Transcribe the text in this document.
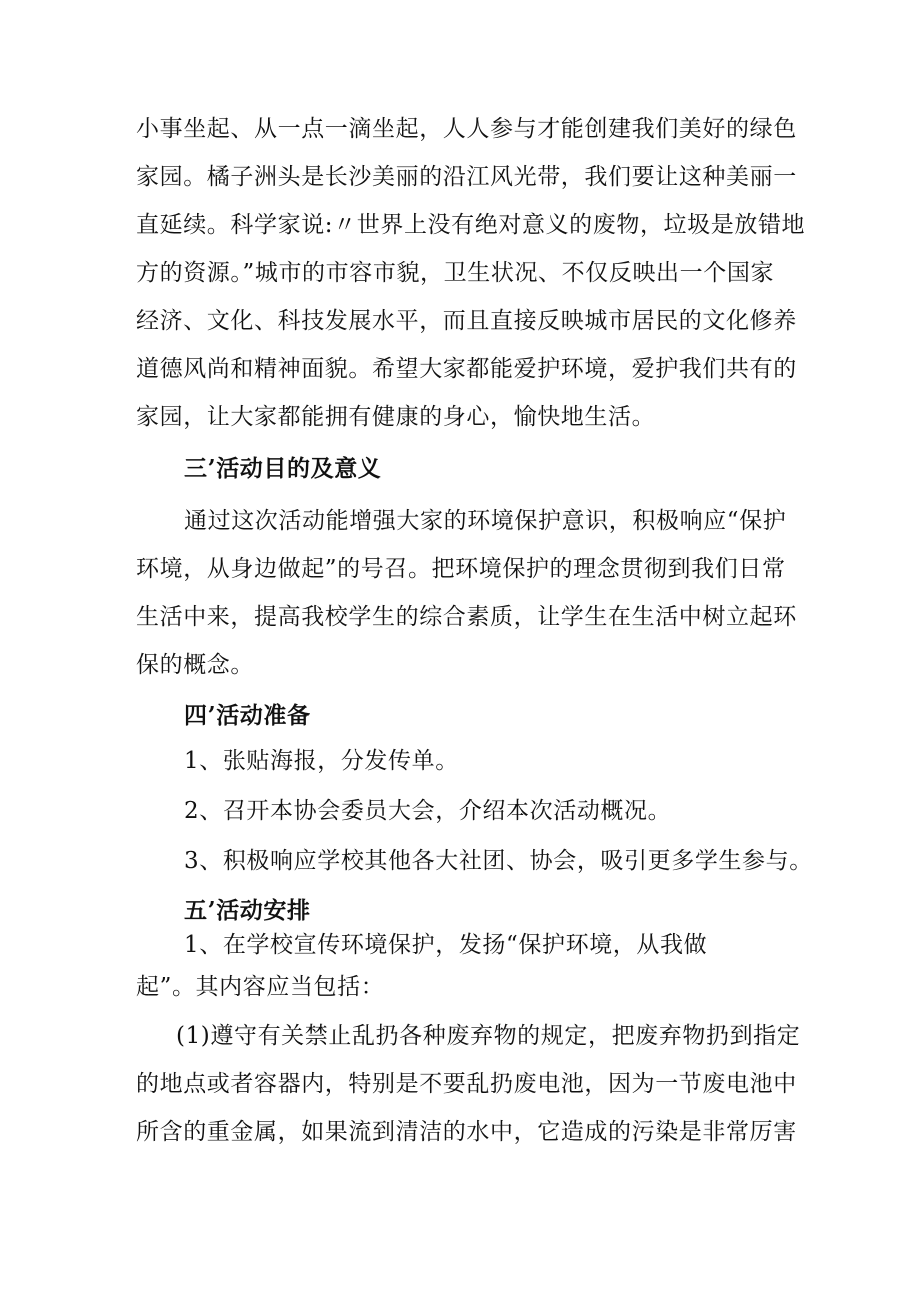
小事坐起、从一点一滴坐起，人人参与才能创建我们美好的绿色
家园。橘子洲头是长沙美丽的沿江风光带，我们要让这种美丽一
直延续。科学家说:〃世界上没有绝对意义的废物，垃圾是放错地
方的资源。”城市的市容市貌，卫生状况、不仅反映出一个国家
经济、文化、科技发展水平，而且直接反映城市居民的文化修养
道德风尚和精神面貌。希望大家都能爱护环境，爱护我们共有的
家园，让大家都能拥有健康的身心，愉快地生活。
三’活动目的及意义
通过这次活动能增强大家的环境保护意识，积极响应“保护
环境，从身边做起”的号召。把环境保护的理念贯彻到我们日常
生活中来，提高我校学生的综合素质，让学生在生活中树立起环
保的概念。
四’活动准备
1、张贴海报，分发传单。
2、召开本协会委员大会，介绍本次活动概况。
3、积极响应学校其他各大社团、协会，吸引更多学生参与。
五’活动安排
1、在学校宣传环境保护，发扬“保护环境，从我做
起”。其内容应当包括：
(1)遵守有关禁止乱扔各种废弃物的规定，把废弃物扔到指定
的地点或者容器内，特别是不要乱扔废电池，因为一节废电池中
所含的重金属，如果流到清洁的水中，它造成的污染是非常厉害
